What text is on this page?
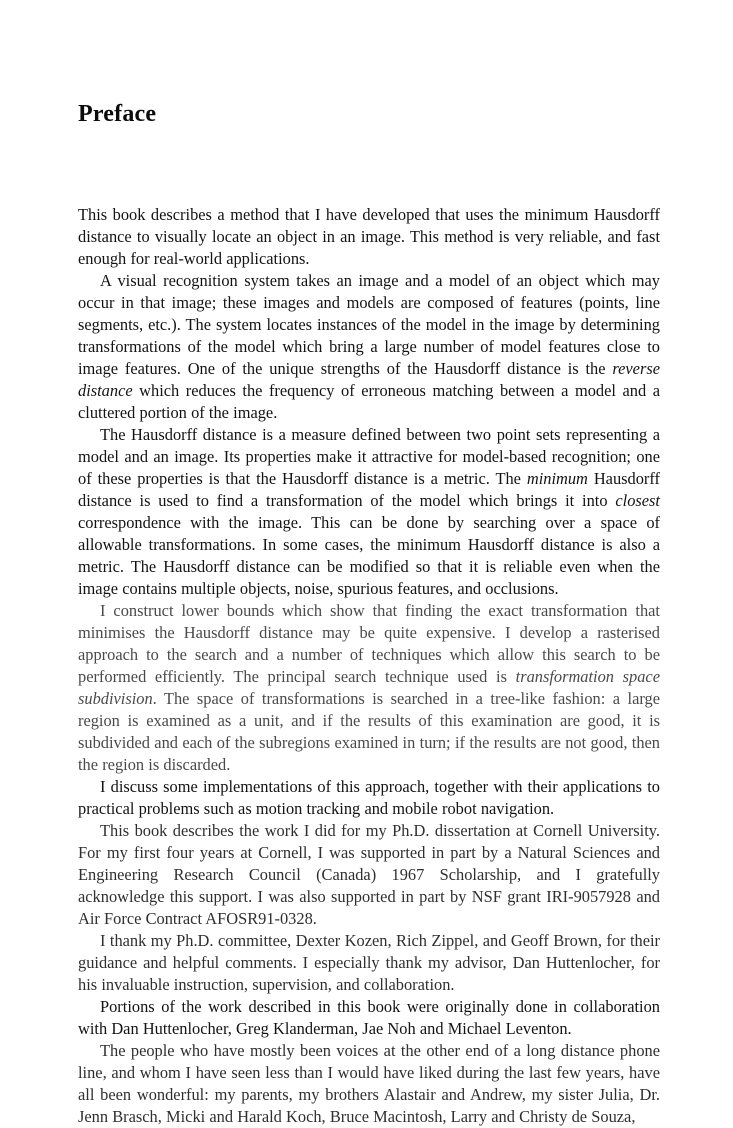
Preface

This book describes a method that I have developed that uses the minimum Hausdorff distance to visually locate an object in an image. This method is very reliable, and fast enough for real-world applications.

A visual recognition system takes an image and a model of an object which may occur in that image; these images and models are composed of features (points, line segments, etc.). The system locates instances of the model in the image by determining transformations of the model which bring a large number of model features close to image features. One of the unique strengths of the Hausdorff distance is the reverse distance which reduces the frequency of erroneous matching between a model and a cluttered portion of the image.

The Hausdorff distance is a measure defined between two point sets representing a model and an image. Its properties make it attractive for model-based recognition; one of these properties is that the Hausdorff distance is a metric. The minimum Hausdorff distance is used to find a transformation of the model which brings it into closest correspondence with the image. This can be done by searching over a space of allowable transformations. In some cases, the minimum Hausdorff distance is also a metric. The Hausdorff distance can be modified so that it is reliable even when the image contains multiple objects, noise, spurious features, and occlusions.

I construct lower bounds which show that finding the exact transformation that minimises the Hausdorff distance may be quite expensive. I develop a rasterised approach to the search and a number of techniques which allow this search to be performed efficiently. The principal search technique used is transformation space subdivision. The space of transformations is searched in a tree-like fashion: a large region is examined as a unit, and if the results of this examination are good, it is subdivided and each of the subregions examined in turn; if the results are not good, then the region is discarded.

I discuss some implementations of this approach, together with their applications to practical problems such as motion tracking and mobile robot navigation.

This book describes the work I did for my Ph.D. dissertation at Cornell University. For my first four years at Cornell, I was supported in part by a Natural Sciences and Engineering Research Council (Canada) 1967 Scholarship, and I gratefully acknowledge this support. I was also supported in part by NSF grant IRI-9057928 and Air Force Contract AFOSR91-0328.

I thank my Ph.D. committee, Dexter Kozen, Rich Zippel, and Geoff Brown, for their guidance and helpful comments. I especially thank my advisor, Dan Huttenlocher, for his invaluable instruction, supervision, and collaboration.

Portions of the work described in this book were originally done in collaboration with Dan Huttenlocher, Greg Klanderman, Jae Noh and Michael Leventon.

The people who have mostly been voices at the other end of a long distance phone line, and whom I have seen less than I would have liked during the last few years, have all been wonderful: my parents, my brothers Alastair and Andrew, my sister Julia, Dr. Jenn Brasch, Micki and Harald Koch, Bruce Macintosh, Larry and Christy de Souza,
